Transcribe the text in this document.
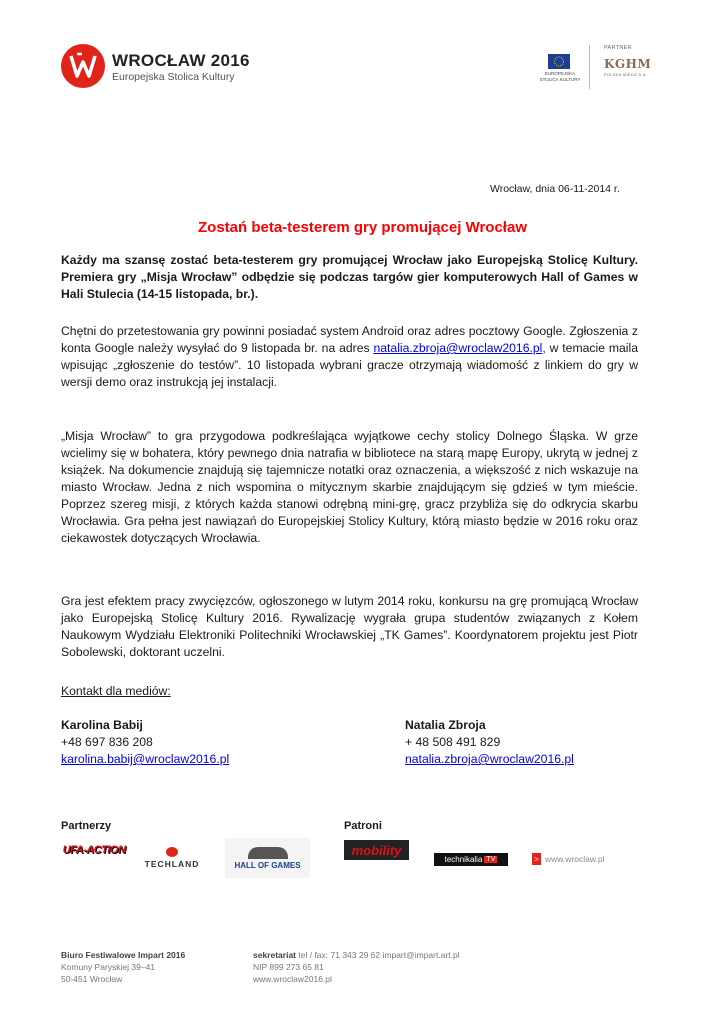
WROCŁAW 2016
Europejska Stolica Kultury	EUROPEJSKA STOLICA KULTURY
PARTNER
KGHM
POLSKA MIEDŹ S.A.
Wrocław, dnia 06-11-2014 r.
Zostań beta-testerem gry promującej Wrocław
Każdy ma szansę zostać beta-testerem gry promującej Wrocław jako Europejską Stolicę Kultury. Premiera gry „Misja Wrocław” odbędzie się podczas targów gier komputerowych Hall of Games w Hali Stulecia (14-15 listopada, br.).
Chętni do przetestowania gry powinni posiadać system Android oraz adres pocztowy Google. Zgłoszenia z konta Google należy wysyłać do 9 listopada br. na adres natalia.zbroja@wroclaw2016.pl, w temacie maila wpisując „zgłoszenie do testów”. 10 listopada wybrani gracze otrzymają wiadomość z linkiem do gry w wersji demo oraz instrukcją jej instalacji.
„Misja Wrocław” to gra przygodowa podkreślająca wyjątkowe cechy stolicy Dolnego Śląska. W grze wcielimy się w bohatera, który pewnego dnia natrafia w bibliotece na starą mapę Europy, ukrytą w jednej z książek. Na dokumencie znajdują się tajemnicze notatki oraz oznaczenia, a większość z nich wskazuje na miasto Wrocław. Jedna z nich wspomina o mitycznym skarbie znajdującym się gdzieś w tym mieście. Poprzez szereg misji, z których każda stanowi odrębną mini-grę, gracz przybliża się do odkrycia skarbu Wrocławia. Gra pełna jest nawiązań do Europejskiej Stolicy Kultury, którą miasto będzie w 2016 roku oraz ciekawostek dotyczących Wrocławia.
Gra jest efektem pracy zwycięzców, ogłoszonego w lutym 2014 roku, konkursu na grę promującą Wrocław jako Europejską Stolicę Kultury 2016. Rywalizację wygrała grupa studentów związanych z Kołem Naukowym Wydziału Elektroniki Politechniki Wrocławskiej „TK Games”. Koordynatorem projektu jest Piotr Sobolewski, doktorant uczelni.
Kontakt dla mediów:
Karolina Babij
+48 697 836 208
karolina.babij@wroclaw2016.pl
Natalia Zbroja
+ 48 508 491 829
natalia.zbroja@wroclaw2016.pl
Partnerzy	Patroni
UFA-ACTION
TECHLAND	HALL OF GAMES
mobility
technikalia TV	> www.wroclaw.pl
Biuro Festiwalowe Impart 2016
Komuny Paryskiej 39–41
50-451 Wrocław
sekretariat tel / fax: 71 343 29 62 impart@impart.art.pl
NIP 899 273 65 81
www.wroclaw2016.pl
